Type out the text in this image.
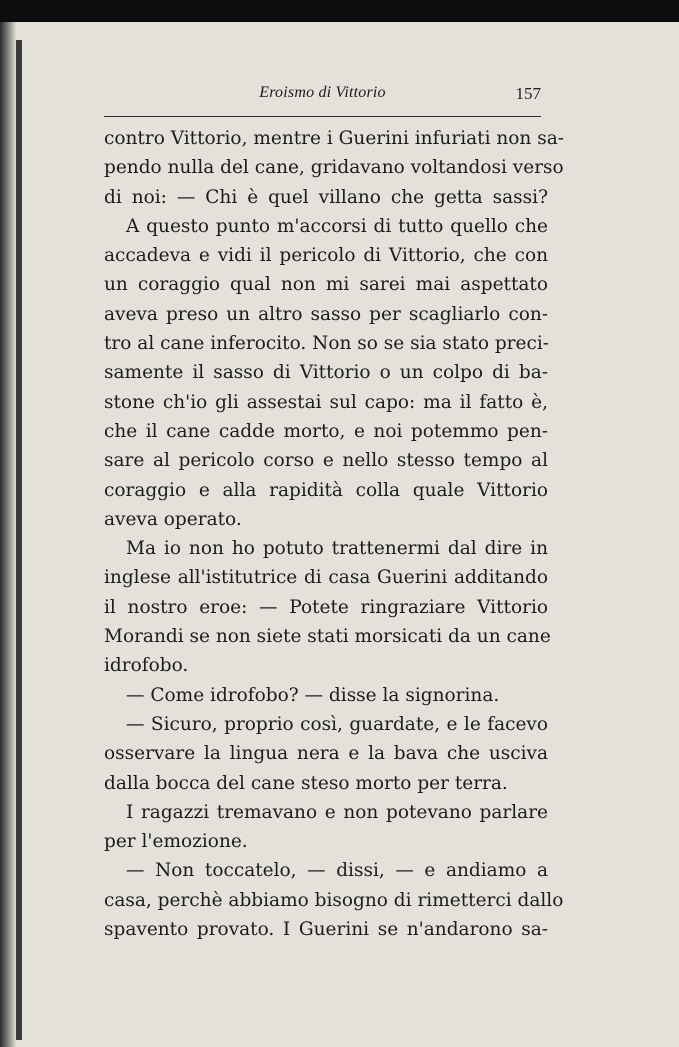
Eroismo di Vittorio	157
contro Vittorio, mentre i Guerini infuriati non sa-
pendo nulla del cane, gridavano voltandosi verso
di noi: — Chi è quel villano che getta sassi?
A questo punto m'accorsi di tutto quello che
accadeva e vidi il pericolo di Vittorio, che con
un coraggio qual non mi sarei mai aspettato
aveva preso un altro sasso per scagliarlo con-
tro al cane inferocito. Non so se sia stato preci-
samente il sasso di Vittorio o un colpo di ba-
stone ch'io gli assestai sul capo: ma il fatto è,
che il cane cadde morto, e noi potemmo pen-
sare al pericolo corso e nello stesso tempo al
coraggio e alla rapidità colla quale Vittorio
aveva operato.
Ma io non ho potuto trattenermi dal dire in
inglese all'istitutrice di casa Guerini additando
il nostro eroe: — Potete ringraziare Vittorio
Morandi se non siete stati morsicati da un cane
idrofobo.
— Come idrofobo? — disse la signorina.
— Sicuro, proprio così, guardate, e le facevo
osservare la lingua nera e la bava che usciva
dalla bocca del cane steso morto per terra.
I ragazzi tremavano e non potevano parlare
per l'emozione.
— Non toccatelo, — dissi, — e andiamo a
casa, perchè abbiamo bisogno di rimetterci dallo
spavento provato. I Guerini se n'andarono sa-
